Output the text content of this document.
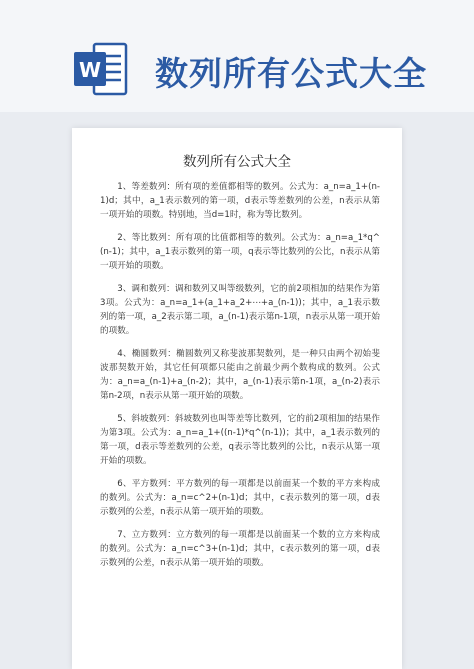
W 数列所有公式大全
数列所有公式大全

1、等差数列：所有项的差值都相等的数列。公式为：a_n=a_1+(n-1)d；其中，a_1表示数列的第一项，d表示等差数列的公差，n表示从第一项开始的项数。特别地，当d=1时，称为等比数列。

2、等比数列：所有项的比值都相等的数列。公式为：a_n=a_1*q^(n-1)；其中，a_1表示数列的第一项，q表示等比数列的公比，n表示从第一项开始的项数。

3、调和数列：调和数列又叫等级数列，它的前2项相加的结果作为第3项。公式为：a_n=a_1+(a_1+a_2+⋯+a_(n-1))；其中，a_1表示数列的第一项，a_2表示第二项，a_(n-1)表示第n-1项，n表示从第一项开始的项数。

4、椭圆数列：椭圆数列又称斐波那契数列，是一种只由两个初始斐波那契数开始，其它任何项都只能由之前最少两个数构成的数列。公式为：a_n=a_(n-1)+a_(n-2)；其中，a_(n-1)表示第n-1项，a_(n-2)表示第n-2项，n表示从第一项开始的项数。

5、斜坡数列：斜坡数列也叫等差等比数列，它的前2项相加的结果作为第3项。公式为：a_n=a_1+((n-1)*q^(n-1))；其中，a_1表示数列的第一项，d表示等差数列的公差，q表示等比数列的公比，n表示从第一项开始的项数。

6、平方数列：平方数列的每一项都是以前面某一个数的平方来构成的数列。公式为：a_n=c^2+(n-1)d；其中，c表示数列的第一项，d表示数列的公差，n表示从第一项开始的项数。

7、立方数列：立方数列的每一项都是以前面某一个数的立方来构成的数列。公式为：a_n=c^3+(n-1)d；其中，c表示数列的第一项，d表示数列的公差，n表示从第一项开始的项数。
